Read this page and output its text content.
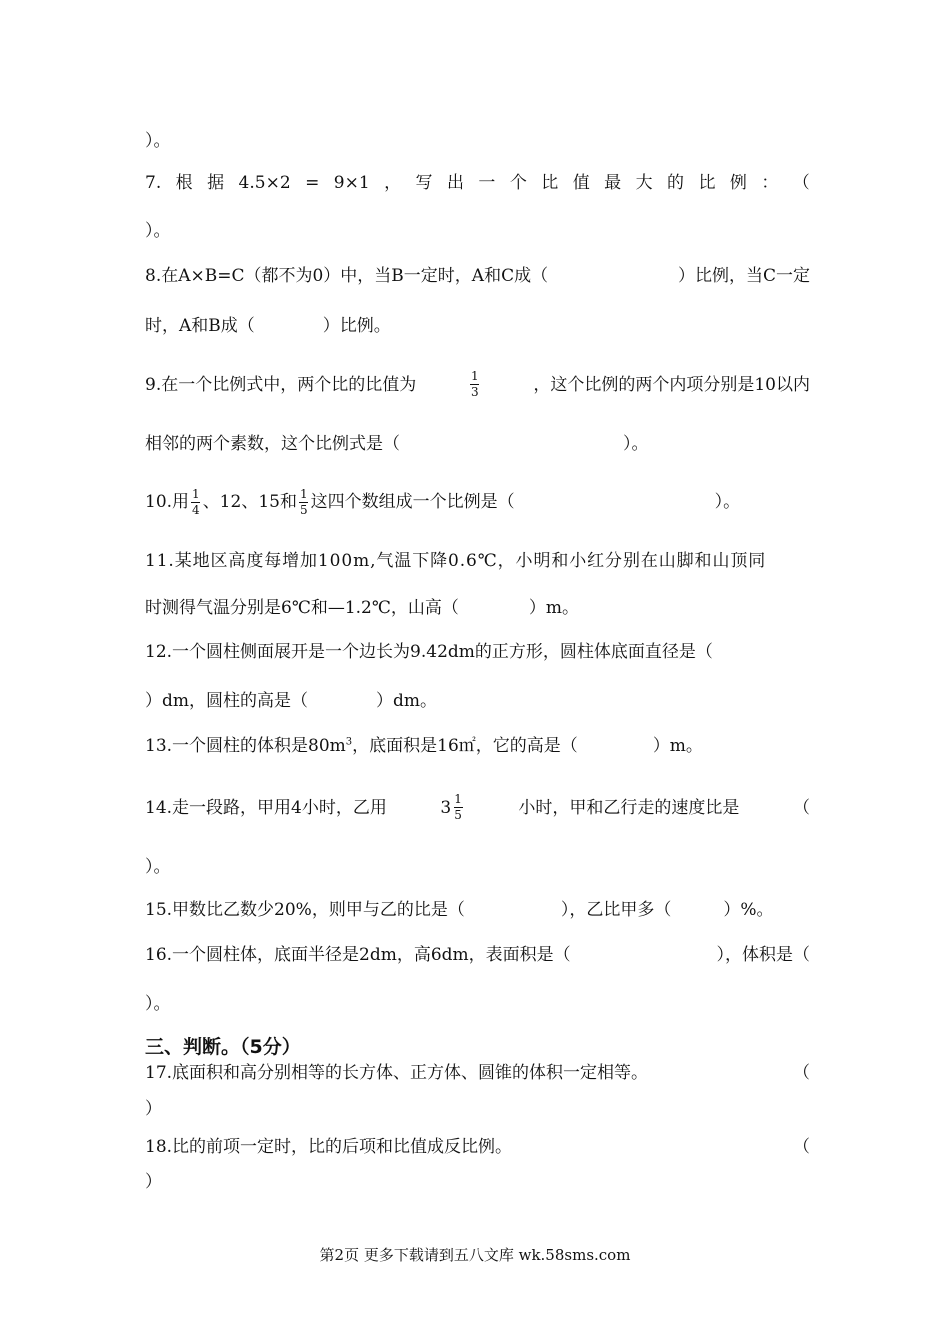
）。
7. 根 据 4.5×2 = 9×1 ， 写 出 一 个 比 值 最 大 的 比 例 ： （
）。
8.在A×B=C（都不为0）中，当B一定时，A和C成（	）比例，当C一定
时，A和B成（	）比例。
9.在一个比例式中，两个比的比值为	$\frac{1}{3}$	，这个比例的两个内项分别是10以内
相邻的两个素数，这个比例式是（	）。
10.用 $\frac{1}{4}$ 、12、15和 $\frac{1}{5}$ 这四个数组成一个比例是（	）。
11.某地区高度每增加100m,气温下降0.6℃，小明和小红分别在山脚和山顶同
时测得气温分别是6℃和—1.2℃，山高（	）m。
12.一个圆柱侧面展开是一个边长为9.42dm的正方形，圆柱体底面直径是（
）dm，圆柱的高是（	）dm。
13.一个圆柱的体积是$80m^3$，底面积是16㎡，它的高是（	）m。
14.走一段路，甲用4小时，乙用	$3 \frac{1}{5}$	小时，甲和乙行走的速度比是	（
）。
15.甲数比乙数少20%，则甲与乙的比是（	），乙比甲多（	）%。
16.一个圆柱体，底面半径是2dm，高6dm，表面积是（	），体积是（
）。
三、判断。（5分）
17.底面积和高分别相等的长方体、正方体、圆锥的体积一定相等。	（
）
18.比的前项一定时，比的后项和比值成反比例。	（
）
第2页 更多下载请到五八文库 wk.58sms.com
